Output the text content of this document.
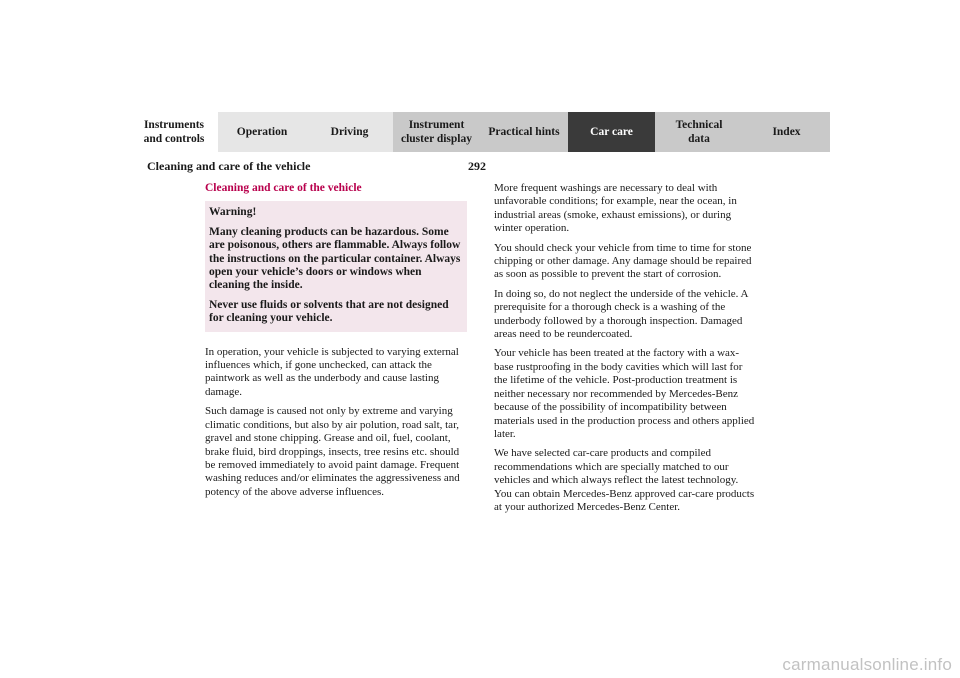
Instruments
and controls
Operation	Driving
Instrument
cluster display
Practical hints	Car care
Technical
data
Index
Cleaning and care of the vehicle	292
Cleaning and care of the vehicle
Warning!

Many cleaning products can be hazardous. Some are poisonous, others are flammable. Always follow the instructions on the particular container. Always open your vehicle’s doors or windows when cleaning the inside.

Never use fluids or solvents that are not designed for cleaning your vehicle.

In operation, your vehicle is subjected to varying external influences which, if gone unchecked, can attack the paintwork as well as the underbody and cause lasting damage.

Such damage is caused not only by extreme and varying climatic conditions, but also by air polution, road salt, tar, gravel and stone chipping. Grease and oil, fuel, coolant, brake fluid, bird droppings, insects, tree resins etc. should be removed immediately to avoid paint damage. Frequent washing reduces and/or eliminates the aggressiveness and potency of the above adverse influences.

More frequent washings are necessary to deal with unfavorable conditions; for example, near the ocean, in industrial areas (smoke, exhaust emissions), or during winter operation.

You should check your vehicle from time to time for stone chipping or other damage. Any damage should be repaired as soon as possible to prevent the start of corrosion.

In doing so, do not neglect the underside of the vehicle. A prerequisite for a thorough check is a washing of the underbody followed by a thorough inspection. Damaged areas need to be reundercoated.

Your vehicle has been treated at the factory with a wax-base rustproofing in the body cavities which will last for the lifetime of the vehicle. Post-production treatment is neither necessary nor recommended by Mercedes-Benz because of the possibility of incompatibility between materials used in the production process and others applied later.

We have selected car-care products and compiled recommendations which are specially matched to our vehicles and which always reflect the latest technology. You can obtain Mercedes-Benz approved car-care products at your authorized Mercedes-Benz Center.

carmanualsonline.info
